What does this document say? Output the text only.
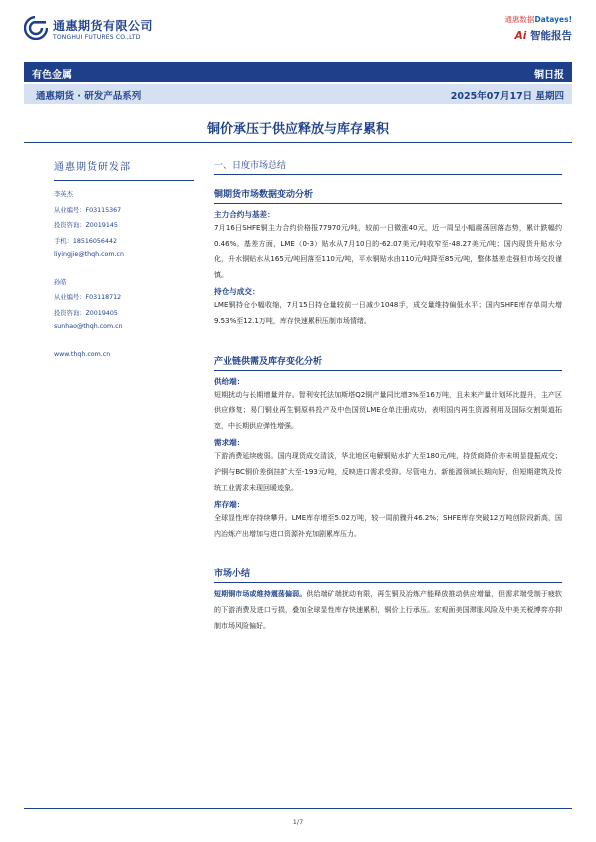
通惠期货有限公司
TONGHUI FUTURES CO.,LTD
通惠数据Datayes!
Ai 智能报告
有色金属	铜日报
通惠期货 · 研发产品系列	2025年07月17日 星期四
铜价承压于供应释放与库存累积
通惠期货研发部
李英杰
从业编号：F03115367
投资咨询：Z0019145
手机：18516056442
liyingjie@thqh.com.cn
孙皓
从业编号：F03118712
投资咨询：Z0019405
sunhao@thqh.com.cn
www.thqh.com.cn
一、日度市场总结
铜期货市场数据变动分析
主力合约与基差：
7月16日SHFE铜主力合约价格报77970元/吨，较前一日微涨40元，近一周呈小幅震荡回落态势，累计跌幅约0.46%。基差方面，LME（0-3）贴水从7月10日的-62.07美元/吨收窄至-48.27美元/吨；国内现货升贴水分化，升水铜贴水从165元/吨回落至110元/吨，平水铜贴水由110元/吨降至85元/吨，整体基差走强但市场交投谨慎。
持仓与成交：
LME铜持仓小幅收缩，7月15日持仓量较前一日减少1048手，成交量维持偏低水平；国内SHFE库存单周大增9.53%至12.1万吨，库存快速累积压制市场情绪。
产业链供需及库存变化分析
供给端：
短期扰动与长期增量并存。智利安托法加斯塔Q2铜产量同比增3%至16万吨，且未来产量计划环比提升，主产区供应修复；易门铜业再生铜原料投产及中色国贸LME仓单注册成功，表明国内再生资源利用及国际交割渠道拓宽，中长期供应弹性增强。
需求端：
下游消费延续疲弱。国内现货成交清淡，华北地区电解铜贴水扩大至180元/吨，持货商降价亦未明显提振成交；沪铜与BC铜价差倒挂扩大至-193元/吨，反映进口需求受抑。尽管电力、新能源领域长期向好，但短期建筑及传统工业需求未现回暖迹象。
库存端：
全球显性库存持续攀升。LME库存增至5.02万吨，较一周前骤升46.2%；SHFE库存突破12万吨创阶段新高，国内冶炼产出增加与进口资源补充加剧累库压力。
市场小结
短期铜市场或维持震荡偏弱。供给端矿端扰动有限，再生铜及冶炼产能释放推动供应增量，但需求端受制于疲软的下游消费及进口亏损，叠加全球显性库存快速累积，铜价上行承压。宏观面美国滞胀风险及中美关税博弈亦抑制市场风险偏好。
1/7
